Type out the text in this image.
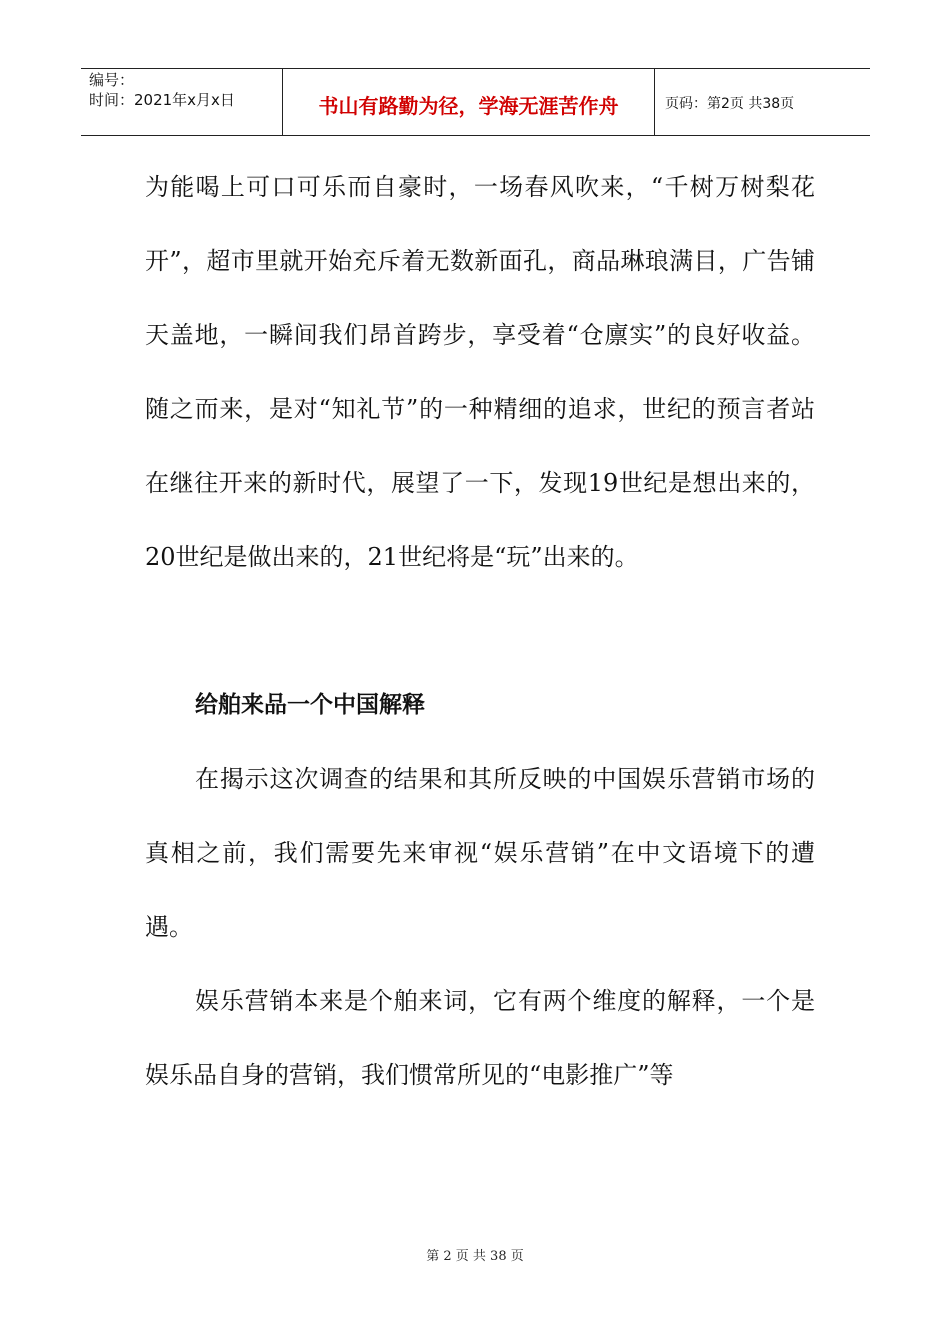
编号：
时间：2021年x月x日	书山有路勤为径，学海无涯苦作舟	页码：第2页 共38页

为能喝上可口可乐而自豪时，一场春风吹来，“千树万树梨花开”，超市里就开始充斥着无数新面孔，商品琳琅满目，广告铺天盖地，一瞬间我们昂首跨步，享受着“仓廪实”的良好收益。随之而来，是对“知礼节”的一种精细的追求，世纪的预言者站在继往开来的新时代，展望了一下，发现19世纪是想出来的，20世纪是做出来的，21世纪将是“玩”出来的。

给舶来品一个中国解释

在揭示这次调查的结果和其所反映的中国娱乐营销市场的真相之前，我们需要先来审视“娱乐营销”在中文语境下的遭遇。

娱乐营销本来是个舶来词，它有两个维度的解释，一个是娱乐品自身的营销，我们惯常所见的“电影推广”等

第 2 页 共 38 页
